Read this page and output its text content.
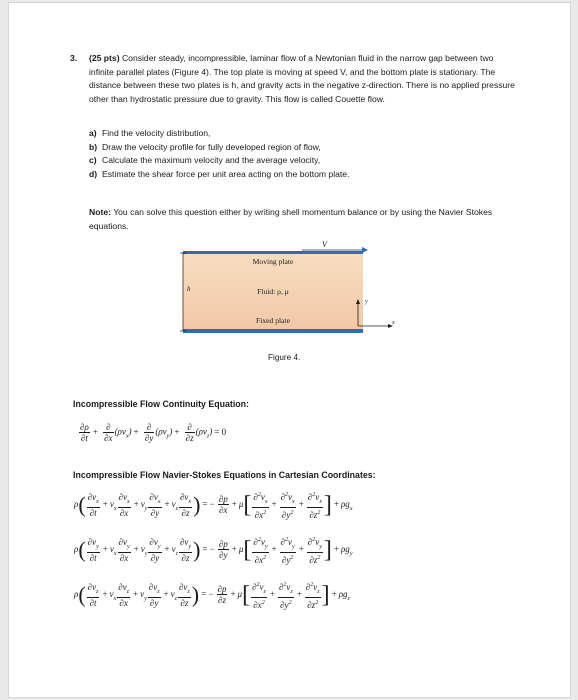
3. (25 pts) Consider steady, incompressible, laminar flow of a Newtonian fluid in the narrow gap between two infinite parallel plates (Figure 4). The top plate is moving at speed V, and the bottom plate is stationary. The distance between these two plates is h, and gravity acts in the negative z-direction. There is no applied pressure other than hydrostatic pressure due to gravity. This flow is called Couette flow.
a) Find the velocity distribution,
b) Draw the velocity profile for fully developed region of flow,
c) Calculate the maximum velocity and the average velocity,
d) Estimate the shear force per unit area acting on the bottom plate.
Note: You can solve this question either by writing shell momentum balance or by using the Navier Stokes equations.
V
Moving plate
Fluid: ρ, μ
Fixed plate
h
y
x
Figure 4.
Incompressible Flow Continuity Equation:
$\frac{\partial\rho}{\partial t} + \frac{\partial}{\partial x} (\rho v_x) + \frac{\partial}{\partial y} (\rho v_y) + \frac{\partial}{\partial z} (\rho v_z) = 0$
Incompressible Flow Navier-Stokes Equations in Cartesian Coordinates:
$\rho( \frac{\partial v_x}{\partial t} + v_x \frac{\partial v_x}{\partial x} + v_y \frac{\partial v_x}{\partial y} + v_z \frac{\partial v_x}{\partial z}$ ) = − $\frac{\partial p}{\partial x} + \mu[ \frac{\partial^2v_x}{\partial x^2} + \frac{\partial^2v_x}{\partial y^2} + \frac{\partial^2v_x}{\partial z^2}$ ] + $\rho g_x$
$\rho( \frac{\partial v_y}{\partial t} + v_x \frac{\partial v_y}{\partial x} + v_y \frac{\partial v_y}{\partial y} + v_z \frac{\partial v_y}{\partial z}$ ) = − $\frac{\partial p}{\partial y} + \mu[ \frac{\partial^2v_y}{\partial x^2} + \frac{\partial^2v_y}{\partial y^2} + \frac{\partial^2v_y}{\partial z^2}$ ] + $\rho g_y$
$\rho( \frac{\partial v_z}{\partial t} + v_x \frac{\partial v_z}{\partial x} + v_y \frac{\partial v_z}{\partial y} + v_z \frac{\partial v_z}{\partial z}$ ) = − $\frac{\partial p}{\partial z} + \mu[ \frac{\partial^2v_z}{\partial x^2} + \frac{\partial^2v_z}{\partial y^2} + \frac{\partial^2v_z}{\partial z^2}$ ] + $\rho g_z$
